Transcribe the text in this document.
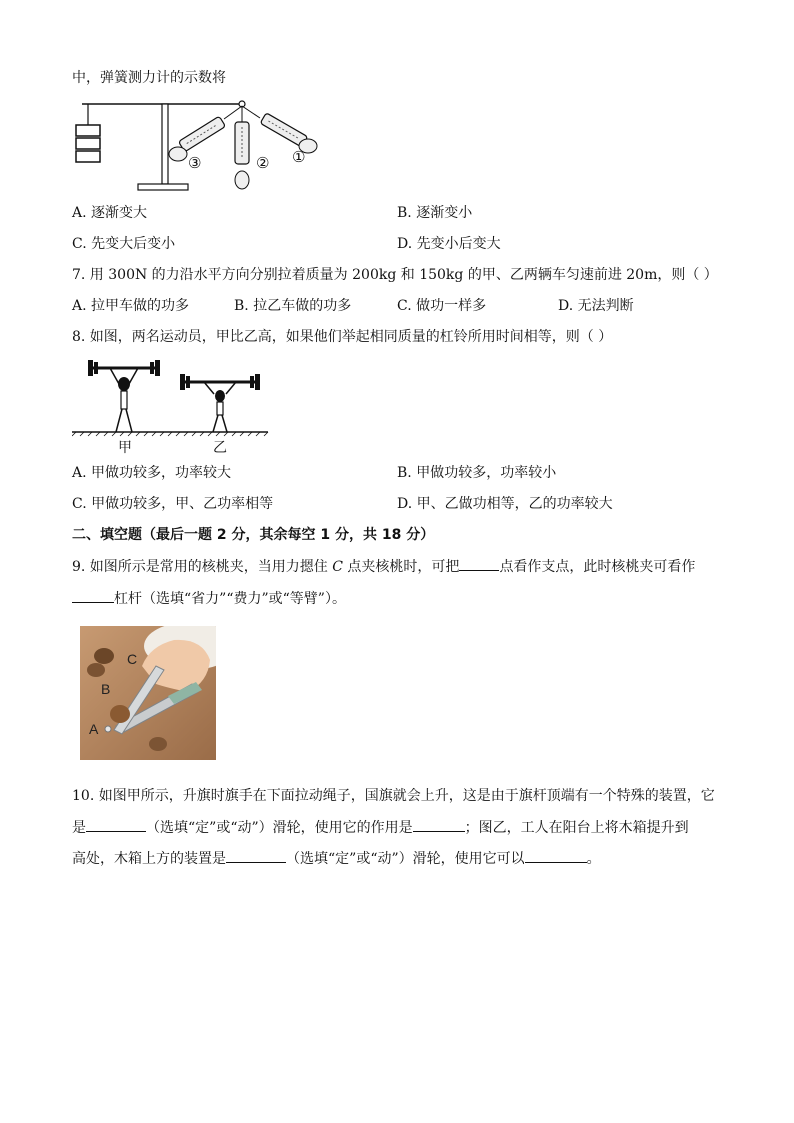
中，弹簧测力计的示数将
③	② ①
A. 逐渐变大	B. 逐渐变小
C. 先变大后变小	D. 先变小后变大
7. 用 300N 的力沿水平方向分别拉着质量为 200kg 和 150kg 的甲、乙两辆车匀速前进 20m，则（ ）
A. 拉甲车做的功多	B. 拉乙车做的功多	C. 做功一样多	D. 无法判断
8. 如图，两名运动员，甲比乙高，如果他们举起相同质量的杠铃所用时间相等，则（ ）
甲	乙
A. 甲做功较多，功率较大	B. 甲做功较多，功率较小
C. 甲做功较多，甲、乙功率相等	D. 甲、乙做功相等，乙的功率较大
二、填空题（最后一题 2 分，其余每空 1 分，共 18 分）
9. 如图所示是常用的核桃夹，当用力摁住 C 点夹核桃时，可把	点看作支点，此时核桃夹可看作
杠杆（选填“省力”“费力”或“等臂”）。
C
B
A
10. 如图甲所示，升旗时旗手在下面拉动绳子，国旗就会上升，这是由于旗杆顶端有一个特殊的装置，它
是	（选填“定”或“动”）滑轮，使用它的作用是	；图乙，工人在阳台上将木箱提升到
高处，木箱上方的装置是	（选填“定”或“动”）滑轮，使用它可以	。
